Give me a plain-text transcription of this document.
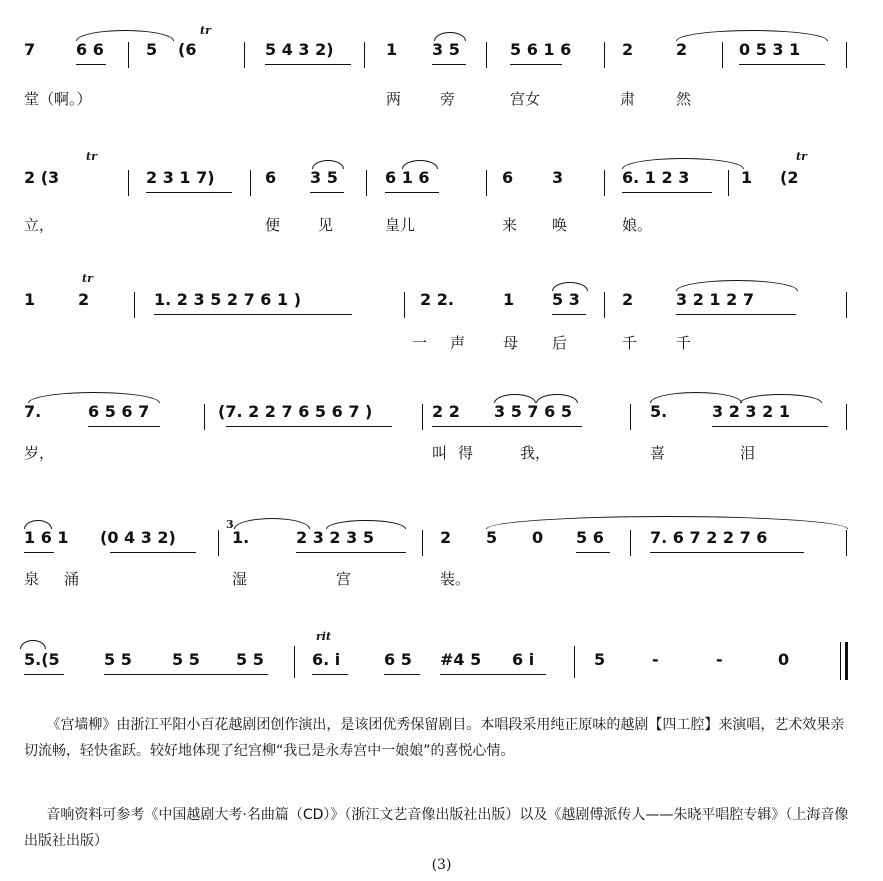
7	6 6	5 (6	5 4 3 2)	1 3 5	5 6 1 6	2	2	0 5 3 1
tr
堂（啊。）	两	旁	宫女	肃	然
2 (3	2 3 1 7)	6 3 5	6 1 6	6 3	6. 1 2 3	1 (2
tr	tr
立，	便	见	皇儿	来 唤	娘。
1	2	1. 2 3 5 2 7 6 1 )	2 2.	1 5 3	2	3 2 1 2 7
tr
一 声	母 后	千	千
7.	6 5 6 7	(7. 2 2 7 6 5 6 7 )	2 2 3 5 7 6 5	5.	3 2 3 2 1
岁，	叫 得	我，	喜	泪
1 6 1 (0 4 3 2)	1.	2 3 2 3 5	2 5 0 5 6	7. 6 7 2 2 7 6
3
泉 涌	湿	宫	装。
5.(5	5 5	5 5 5 5	6. i	6 5 #4 5 6 i	5	-	-	0
rit
《宫墙柳》由浙江平阳小百花越剧团创作演出，是该团优秀保留剧目。本唱段采用纯正原味的越剧【四工腔】来演唱，艺术效果亲切流畅，轻快雀跃。较好地体现了纪宫柳“我已是永寿宫中一娘娘”的喜悦心情。
音响资料可参考《中国越剧大考·名曲篇（CD）》（浙江文艺音像出版社出版）以及《越剧傅派传人——朱晓平唱腔专辑》（上海音像出版社出版）
(3)
